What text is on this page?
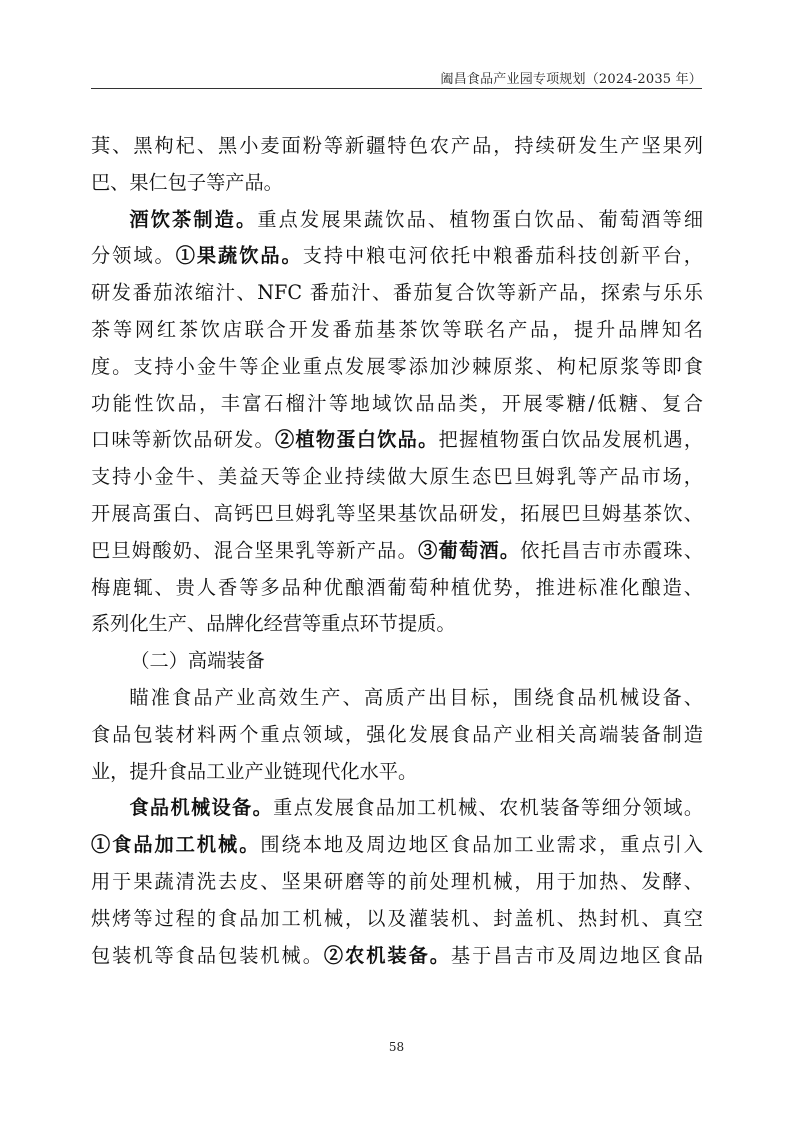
阖昌食品产业园专项规划（2024-2035 年）
萁、黑枸杞、黑小麦面粉等新疆特色农产品，持续研发生产坚果列
巴、果仁包子等产品。
酒饮茶制造。重点发展果蔬饮品、植物蛋白饮品、葡萄酒等细
分领域。①果蔬饮品。支持中粮屯河依托中粮番茄科技创新平台，
研发番茄浓缩汁、NFC 番茄汁、番茄复合饮等新产品，探索与乐乐
茶等网红茶饮店联合开发番茄基茶饮等联名产品，提升品牌知名
度。支持小金牛等企业重点发展零添加沙棘原浆、枸杞原浆等即食
功能性饮品，丰富石榴汁等地域饮品品类，开展零糖/低糖、复合
口味等新饮品研发。②植物蛋白饮品。把握植物蛋白饮品发展机遇，
支持小金牛、美益天等企业持续做大原生态巴旦姆乳等产品市场，
开展高蛋白、高钙巴旦姆乳等坚果基饮品研发，拓展巴旦姆基茶饮、
巴旦姆酸奶、混合坚果乳等新产品。③葡萄酒。依托昌吉市赤霞珠、
梅鹿辄、贵人香等多品种优酿酒葡萄种植优势，推进标准化酿造、
系列化生产、品牌化经营等重点环节提质。
（二）高端装备
瞄准食品产业高效生产、高质产出目标，围绕食品机械设备、
食品包装材料两个重点领域，强化发展食品产业相关高端装备制造
业，提升食品工业产业链现代化水平。
食品机械设备。重点发展食品加工机械、农机装备等细分领域。
①食品加工机械。围绕本地及周边地区食品加工业需求，重点引入
用于果蔬清洗去皮、坚果研磨等的前处理机械，用于加热、发酵、
烘烤等过程的食品加工机械，以及灌装机、封盖机、热封机、真空
包装机等食品包装机械。②农机装备。基于昌吉市及周边地区食品
58
